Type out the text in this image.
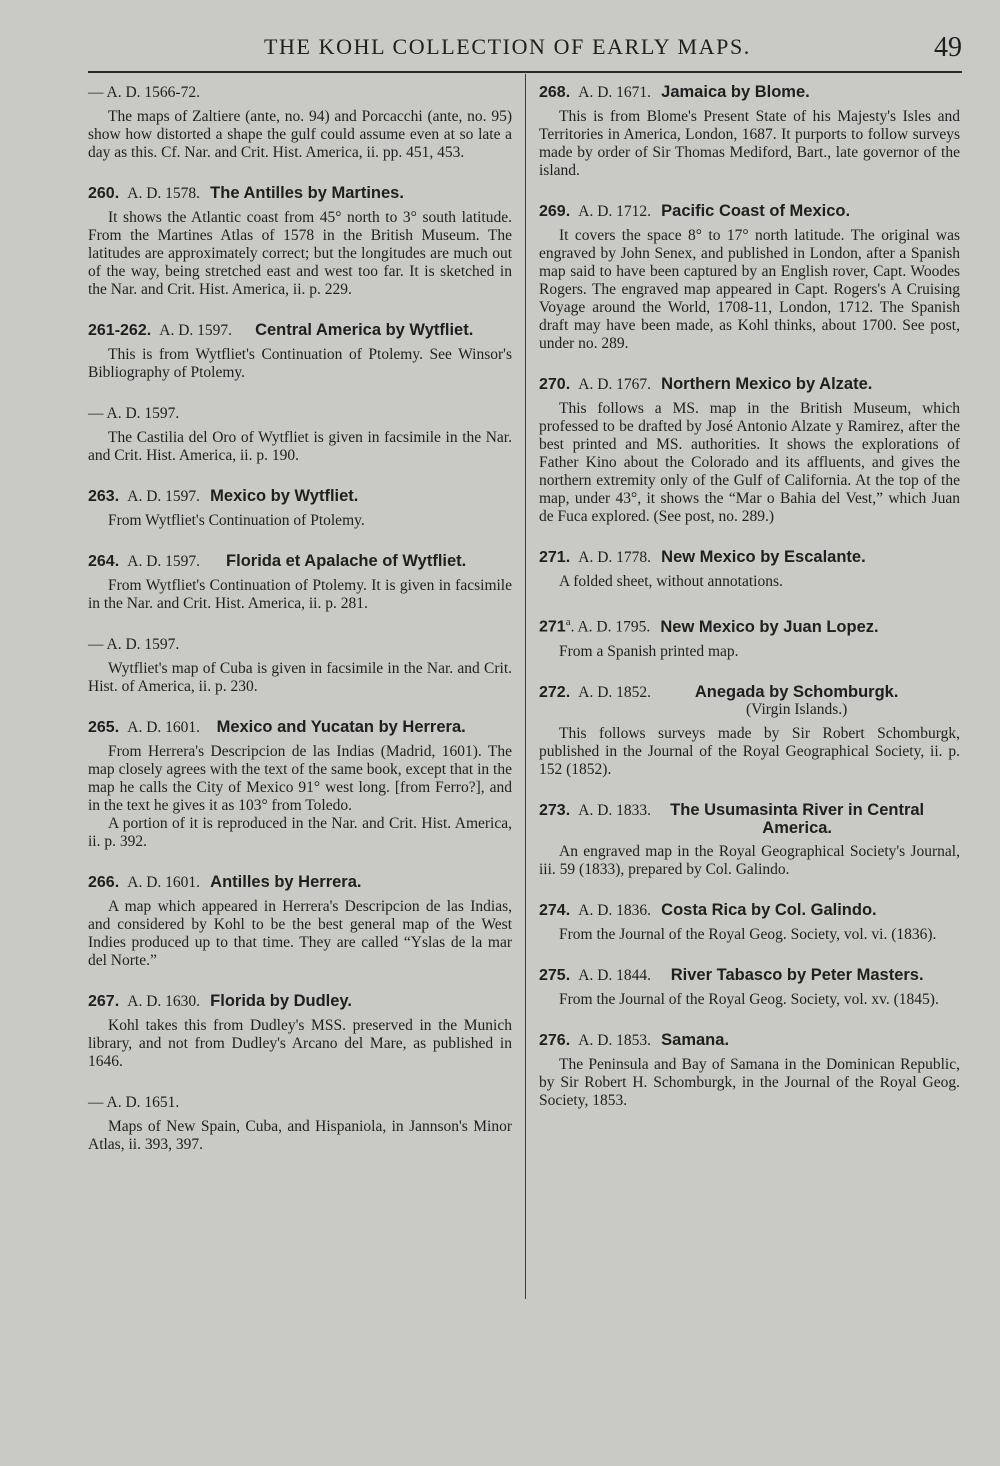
THE KOHL COLLECTION OF EARLY MAPS.	49
— A. D. 1566-72.

The maps of Zaltiere (ante, no. 94) and Porcacchi (ante, no. 95) show how distorted a shape the gulf could assume even at so late a day as this. Cf. Nar. and Crit. Hist. America, ii. pp. 451, 453.

260. A. D. 1578. The Antilles by Martines.

It shows the Atlantic coast from 45° north to 3° south latitude. From the Martines Atlas of 1578 in the British Museum. The latitudes are approximately correct; but the longitudes are much out of the way, being stretched east and west too far. It is sketched in the Nar. and Crit. Hist. America, ii. p. 229.

261-262. A. D. 1597. Central America by Wytfliet.

This is from Wytfliet's Continuation of Ptolemy. See Winsor's Bibliography of Ptolemy.

— A. D. 1597.

The Castilia del Oro of Wytfliet is given in facsimile in the Nar. and Crit. Hist. America, ii. p. 190.

263. A. D. 1597. Mexico by Wytfliet.

From Wytfliet's Continuation of Ptolemy.

264. A. D. 1597. Florida et Apalache of Wytfliet.

From Wytfliet's Continuation of Ptolemy. It is given in facsimile in the Nar. and Crit. Hist. America, ii. p. 281.

— A. D. 1597.

Wytfliet's map of Cuba is given in facsimile in the Nar. and Crit. Hist. of America, ii. p. 230.

265. A. D. 1601. Mexico and Yucatan by Herrera.

From Herrera's Descripcion de las Indias (Madrid, 1601). The map closely agrees with the text of the same book, except that in the map he calls the City of Mexico 91° west long. [from Ferro?], and in the text he gives it as 103° from Toledo.

A portion of it is reproduced in the Nar. and Crit. Hist. America, ii. p. 392.

266. A. D. 1601. Antilles by Herrera.

A map which appeared in Herrera's Descripcion de las Indias, and considered by Kohl to be the best general map of the West Indies produced up to that time. They are called “Yslas de la mar del Norte.”

267. A. D. 1630. Florida by Dudley.

Kohl takes this from Dudley's MSS. preserved in the Munich library, and not from Dudley's Arcano del Mare, as published in 1646.

— A. D. 1651.

Maps of New Spain, Cuba, and Hispaniola, in Jannson's Minor Atlas, ii. 393, 397.

268. A. D. 1671. Jamaica by Blome.

This is from Blome's Present State of his Majesty's Isles and Territories in America, London, 1687. It purports to follow surveys made by order of Sir Thomas Mediford, Bart., late governor of the island.

269. A. D. 1712. Pacific Coast of Mexico.

It covers the space 8° to 17° north latitude. The original was engraved by John Senex, and published in London, after a Spanish map said to have been captured by an English rover, Capt. Woodes Rogers. The engraved map appeared in Capt. Rogers's A Cruising Voyage around the World, 1708-11, London, 1712. The Spanish draft may have been made, as Kohl thinks, about 1700. See post, under no. 289.

270. A. D. 1767. Northern Mexico by Alzate.

This follows a MS. map in the British Museum, which professed to be drafted by José Antonio Alzate y Ramirez, after the best printed and MS. authorities. It shows the explorations of Father Kino about the Colorado and its affluents, and gives the northern extremity only of the Gulf of California. At the top of the map, under 43°, it shows the “Mar o Bahia del Vest,” which Juan de Fuca explored. (See post, no. 289.)

271. A. D. 1778. New Mexico by Escalante.

A folded sheet, without annotations.

271$^a$. A. D. 1795. New Mexico by Juan Lopez.

From a Spanish printed map.

272. A. D. 1852.	Anegada by Schomburgk.
(Virgin Islands.)

This follows surveys made by Sir Robert Schomburgk, published in the Journal of the Royal Geographical Society, ii. p. 152 (1852).

273. A. D. 1833. The Usumasinta River in Central America.

An engraved map in the Royal Geographical Society's Journal, iii. 59 (1833), prepared by Col. Galindo.

274. A. D. 1836. Costa Rica by Col. Galindo.

From the Journal of the Royal Geog. Society, vol. vi. (1836).

275. A. D. 1844. River Tabasco by Peter Masters.

From the Journal of the Royal Geog. Society, vol. xv. (1845).

276. A. D. 1853. Samana.

The Peninsula and Bay of Samana in the Dominican Republic, by Sir Robert H. Schomburgk, in the Journal of the Royal Geog. Society, 1853.
